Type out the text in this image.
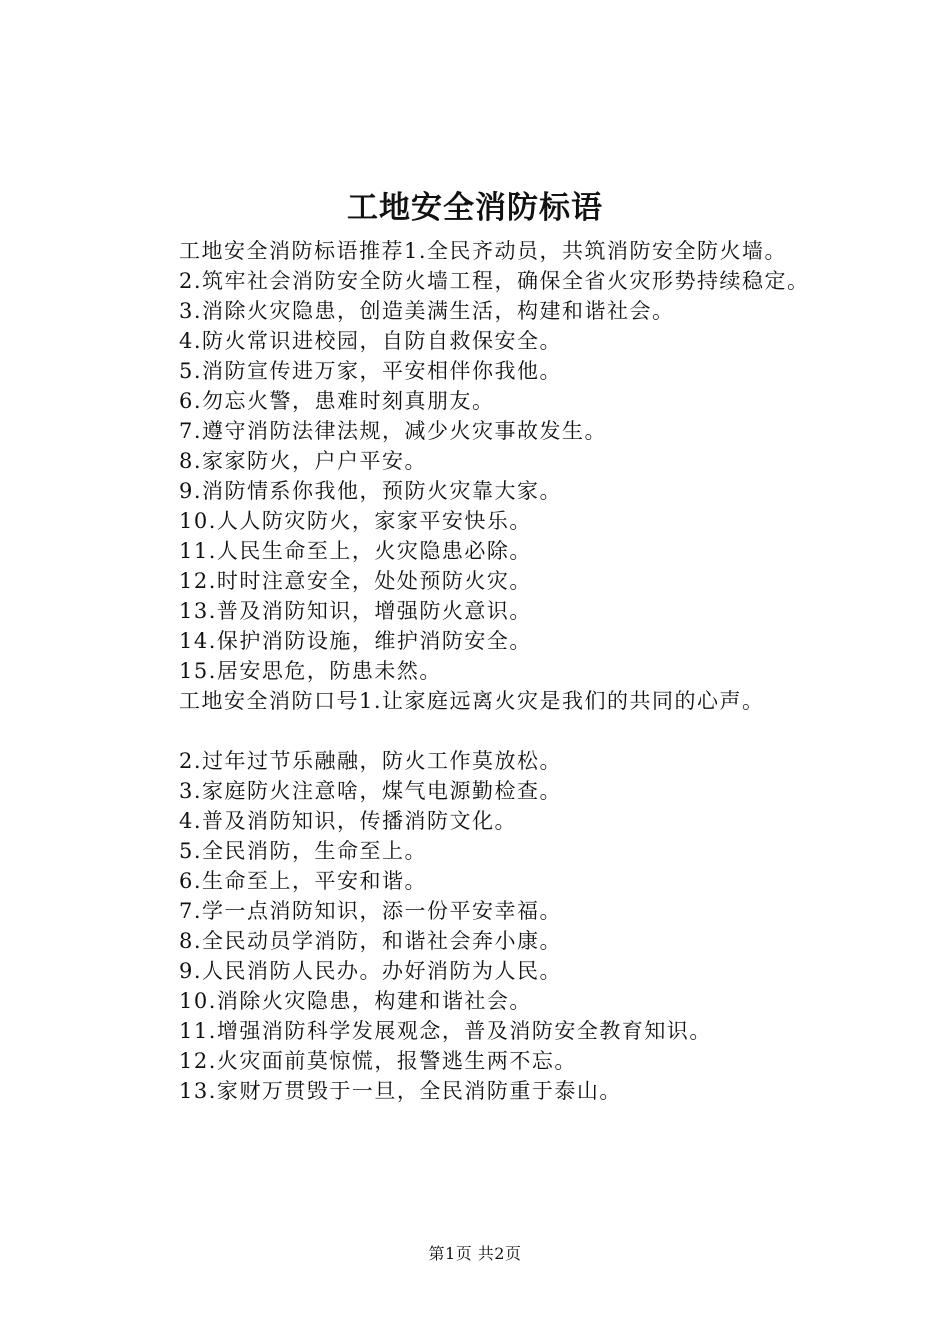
工地安全消防标语

工地安全消防标语推荐1.全民齐动员，共筑消防安全防火墙。

2.筑牢社会消防安全防火墙工程，确保全省火灾形势持续稳定。

3.消除火灾隐患，创造美满生活，构建和谐社会。

4.防火常识进校园，自防自救保安全。

5.消防宣传进万家，平安相伴你我他。

6.勿忘火警，患难时刻真朋友。

7.遵守消防法律法规，减少火灾事故发生。

8.家家防火，户户平安。

9.消防情系你我他，预防火灾靠大家。

10.人人防灾防火，家家平安快乐。

11.人民生命至上，火灾隐患必除。

12.时时注意安全，处处预防火灾。

13.普及消防知识，增强防火意识。

14.保护消防设施，维护消防安全。

15.居安思危，防患未然。

工地安全消防口号1.让家庭远离火灾是我们的共同的心声。

2.过年过节乐融融，防火工作莫放松。

3.家庭防火注意啥，煤气电源勤检查。

4.普及消防知识，传播消防文化。

5.全民消防，生命至上。

6.生命至上，平安和谐。

7.学一点消防知识，添一份平安幸福。

8.全民动员学消防，和谐社会奔小康。

9.人民消防人民办。办好消防为人民。

10.消除火灾隐患，构建和谐社会。

11.增强消防科学发展观念，普及消防安全教育知识。

12.火灾面前莫惊慌，报警逃生两不忘。

13.家财万贯毁于一旦，全民消防重于泰山。

第1页 共2页
